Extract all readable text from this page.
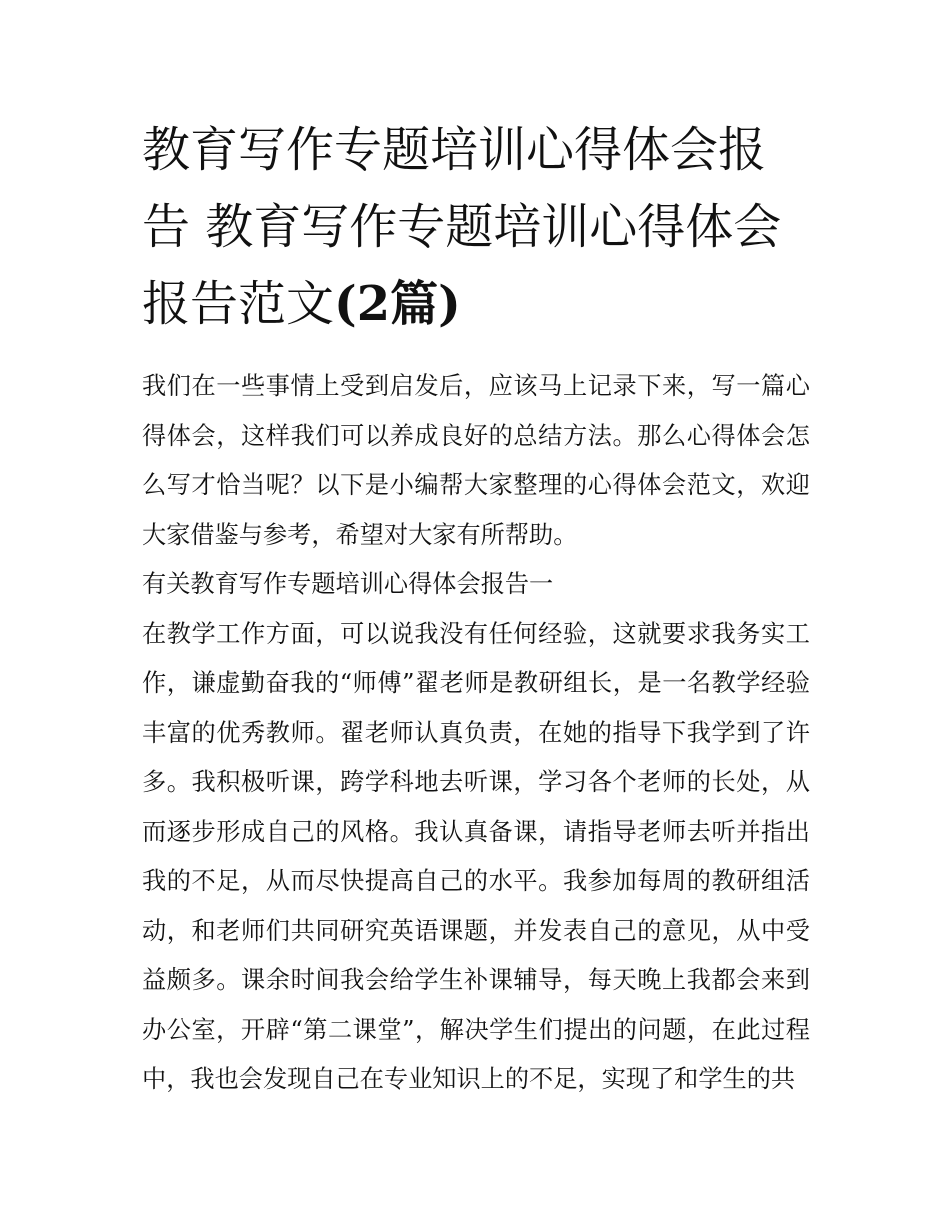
教育写作专题培训心得体会报告 教育写作专题培训心得体会报告范文(2篇)

我们在一些事情上受到启发后，应该马上记录下来，写一篇心得体会，这样我们可以养成良好的总结方法。那么心得体会怎么写才恰当呢？以下是小编帮大家整理的心得体会范文，欢迎大家借鉴与参考，希望对大家有所帮助。

有关教育写作专题培训心得体会报告一

在教学工作方面，可以说我没有任何经验，这就要求我务实工作，谦虚勤奋我的“师傅”翟老师是教研组长，是一名教学经验丰富的优秀教师。翟老师认真负责，在她的指导下我学到了许多。我积极听课，跨学科地去听课，学习各个老师的长处，从而逐步形成自己的风格。我认真备课，请指导老师去听并指出我的不足，从而尽快提高自己的水平。我参加每周的教研组活动，和老师们共同研究英语课题，并发表自己的意见，从中受益颇多。课余时间我会给学生补课辅导，每天晚上我都会来到办公室，开辟“第二课堂”，解决学生们提出的问题，在此过程中，我也会发现自己在专业知识上的不足，实现了和学生的共
